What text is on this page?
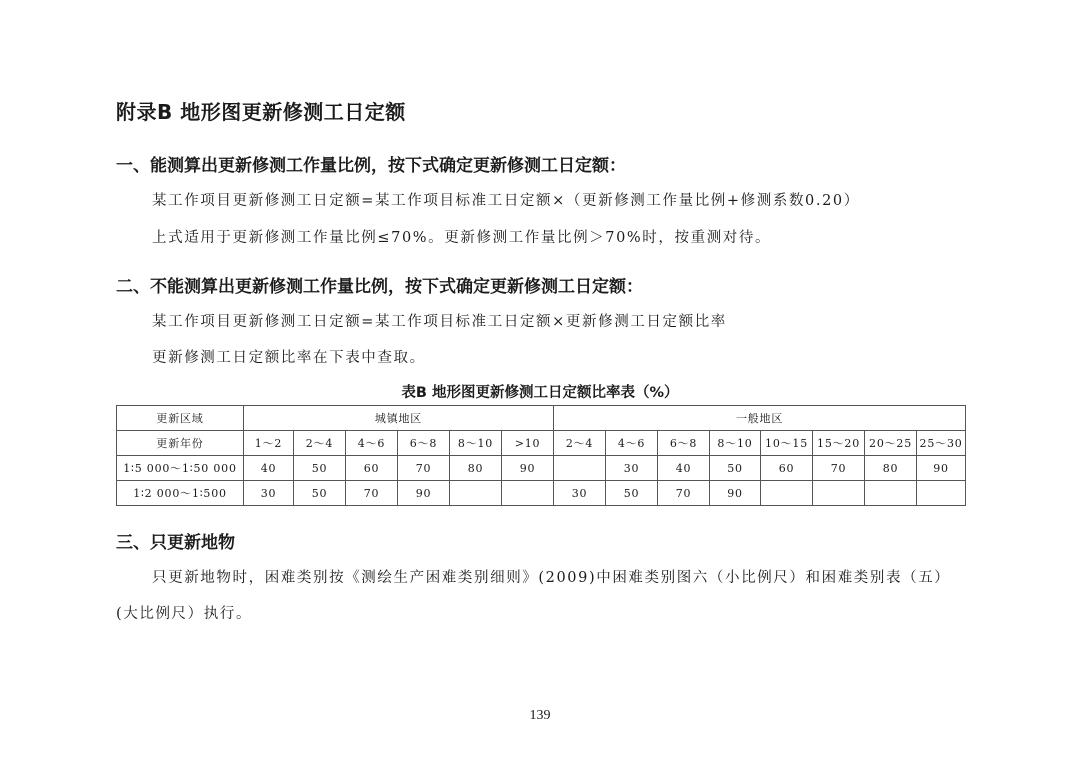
附录B 地形图更新修测工日定额
一、能测算出更新修测工作量比例，按下式确定更新修测工日定额：

某工作项目更新修测工日定额=某工作项目标准工日定额×（更新修测工作量比例+修测系数0.20）

上式适用于更新修测工作量比例≤70%。更新修测工作量比例＞70%时，按重测对待。

二、不能测算出更新修测工作量比例，按下式确定更新修测工日定额：

某工作项目更新修测工日定额=某工作项目标准工日定额×更新修测工日定额比率

更新修测工日定额比率在下表中查取。

表B 地形图更新修测工日定额比率表（%）

更新区域	城镇地区						一般地区							
更新年份	1～2	2～4	4～6	6～8	8～10	>10	2～4	4～6	6～8	8～10	10～15	15～20	20～25	25～30
1∶5 000～1∶50 000	40	50	60	70	80	90		30	40	50	60	70	80	90
1∶2 000～1∶500	30	50	70	90			30	50	70	90				
三、只更新地物

只更新地物时，困难类别按《测绘生产困难类别细则》(2009)中困难类别图六（小比例尺）和困难类别表（五）(大比例尺）执行。

139
